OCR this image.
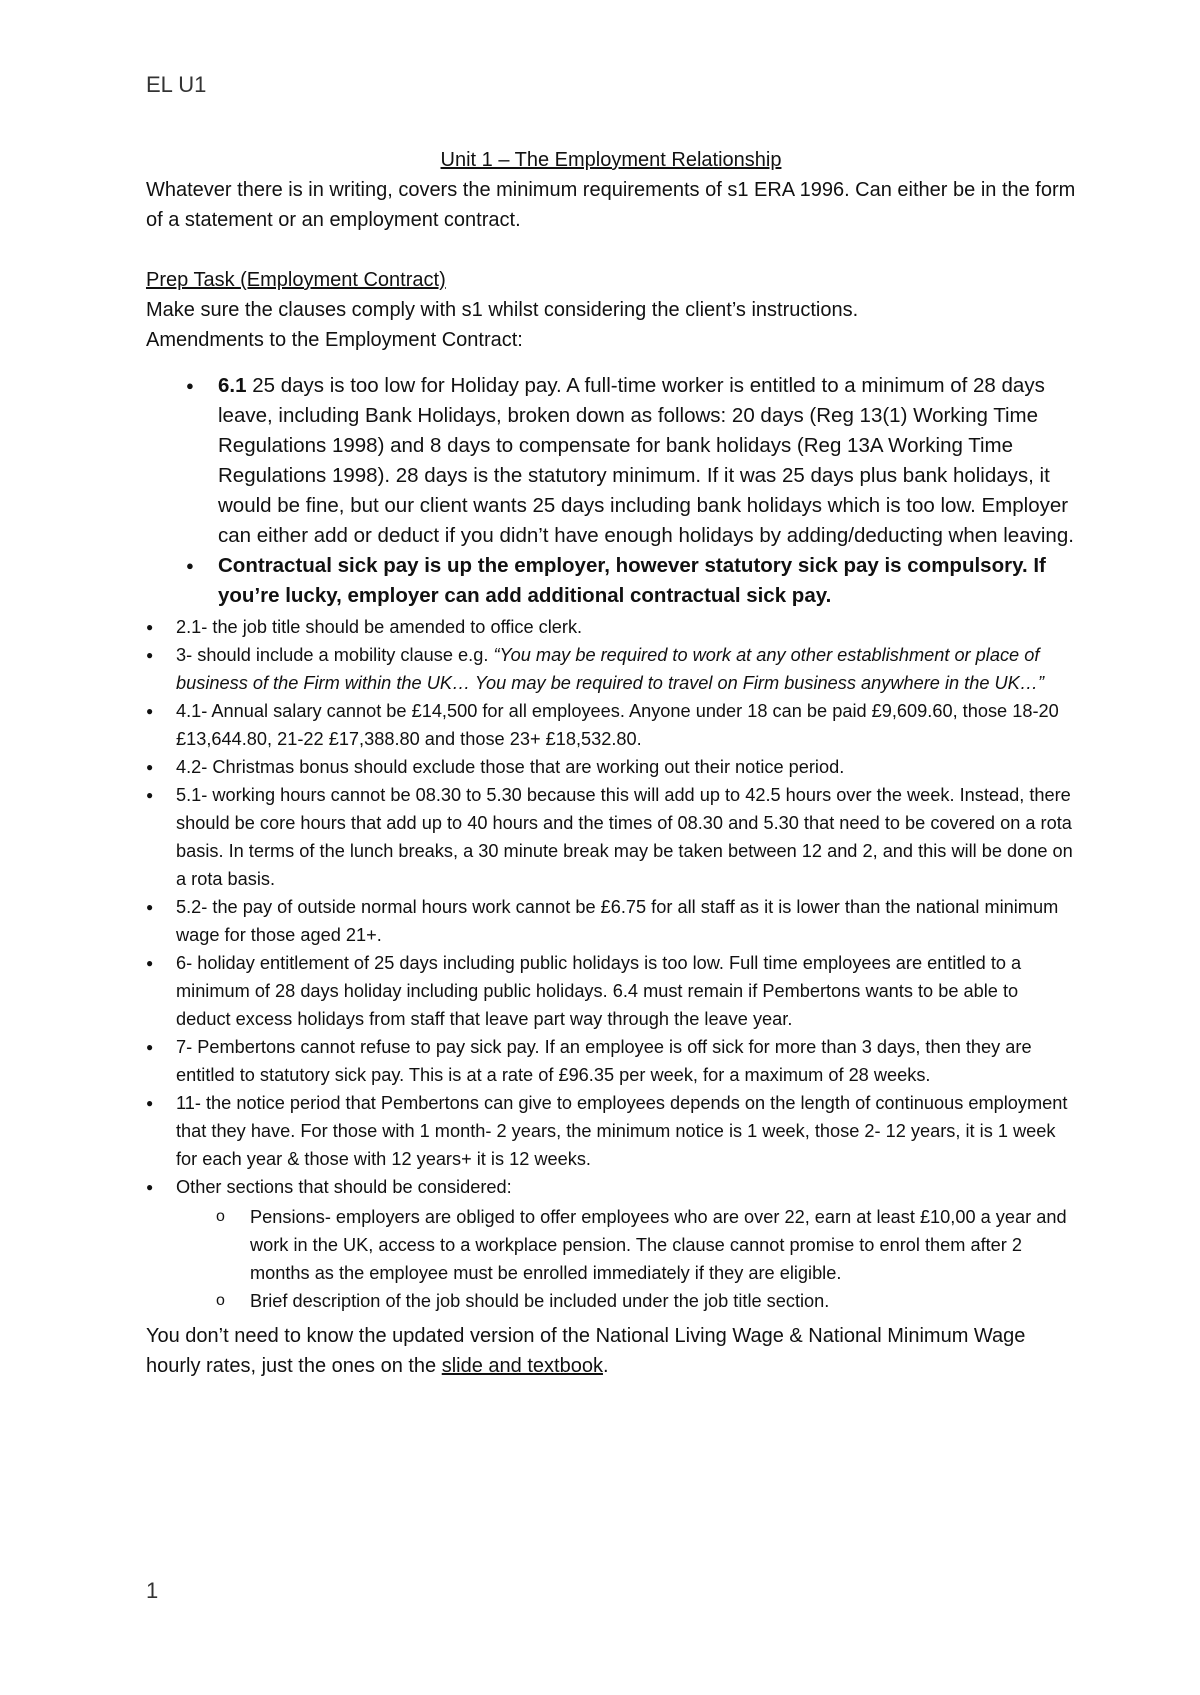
EL U1
Unit 1 – The Employment Relationship

Whatever there is in writing, covers the minimum requirements of s1 ERA 1996. Can either be in the form of a statement or an employment contract.

Prep Task (Employment Contract)

Make sure the clauses comply with s1 whilst considering the client’s instructions.

Amendments to the Employment Contract:

● 6.1 25 days is too low for Holiday pay. A full-time worker is entitled to a minimum of 28 days leave, including Bank Holidays, broken down as follows: 20 days (Reg 13(1) Working Time Regulations 1998) and 8 days to compensate for bank holidays (Reg 13A Working Time Regulations 1998). 28 days is the statutory minimum. If it was 25 days plus bank holidays, it would be fine, but our client wants 25 days including bank holidays which is too low. Employer can either add or deduct if you didn’t have enough holidays by adding/deducting when leaving.
● Contractual sick pay is up the employer, however statutory sick pay is compulsory. If you’re lucky, employer can add additional contractual sick pay.
● 2.1- the job title should be amended to office clerk.
● 3- should include a mobility clause e.g. “You may be required to work at any other establishment or place of business of the Firm within the UK… You may be required to travel on Firm business anywhere in the UK…”
● 4.1- Annual salary cannot be £14,500 for all employees. Anyone under 18 can be paid £9,609.60, those 18-20 £13,644.80, 21-22 £17,388.80 and those 23+ £18,532.80.
● 4.2- Christmas bonus should exclude those that are working out their notice period.
● 5.1- working hours cannot be 08.30 to 5.30 because this will add up to 42.5 hours over the week. Instead, there should be core hours that add up to 40 hours and the times of 08.30 and 5.30 that need to be covered on a rota basis. In terms of the lunch breaks, a 30 minute break may be taken between 12 and 2, and this will be done on a rota basis.
● 5.2- the pay of outside normal hours work cannot be £6.75 for all staff as it is lower than the national minimum wage for those aged 21+.
● 6- holiday entitlement of 25 days including public holidays is too low. Full time employees are entitled to a minimum of 28 days holiday including public holidays. 6.4 must remain if Pembertons wants to be able to deduct excess holidays from staff that leave part way through the leave year.
● 7- Pembertons cannot refuse to pay sick pay. If an employee is off sick for more than 3 days, then they are entitled to statutory sick pay. This is at a rate of £96.35 per week, for a maximum of 28 weeks.
● 11- the notice period that Pembertons can give to employees depends on the length of continuous employment that they have. For those with 1 month- 2 years, the minimum notice is 1 week, those 2- 12 years, it is 1 week for each year & those with 12 years+ it is 12 weeks.
● Other sections that should be considered:
o Pensions- employers are obliged to offer employees who are over 22, earn at least £10,00 a year and work in the UK, access to a workplace pension. The clause cannot promise to enrol them after 2 months as the employee must be enrolled immediately if they are eligible.
o Brief description of the job should be included under the job title section.

You don’t need to know the updated version of the National Living Wage & National Minimum Wage hourly rates, just the ones on the slide and textbook.

1
